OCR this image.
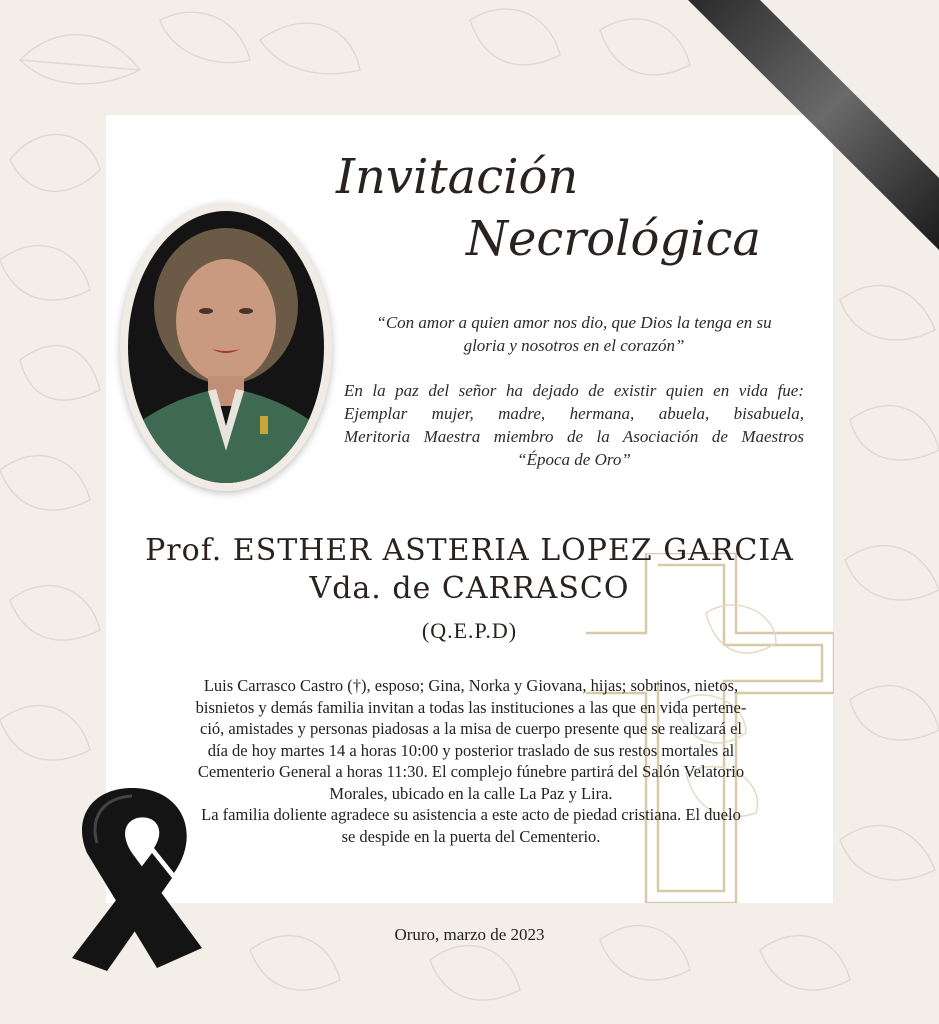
Invitación
Necrológica

“Con amor a quien amor nos dio, que Dios la tenga en su
gloria y nosotros en el corazón”

En la paz del señor ha dejado de existir quien en vida fue:
Ejemplar mujer, madre, hermana, abuela, bisabuela,
Meritoria Maestra miembro de la Asociación de Maestros
“Época de Oro”

Prof. ESTHER ASTERIA LOPEZ GARCIA
Vda. de CARRASCO

(Q.E.P.D)

Luis Carrasco Castro (†), esposo; Gina, Norka y Giovana, hijas; sobrinos, nietos,
bisnietos y demás familia invitan a todas las instituciones a las que en vida pertene-
ció, amistades y personas piadosas a la misa de cuerpo presente que se realizará el
día de hoy martes 14 a horas 10:00 y posterior traslado de sus restos mortales al
Cementerio General a horas 11:30. El complejo fúnebre partirá del Salón Velatorio
Morales, ubicado en la calle La Paz y Lira.
La familia doliente agradece su asistencia a este acto de piedad cristiana. El duelo
se despide en la puerta del Cementerio.

Oruro, marzo de 2023
